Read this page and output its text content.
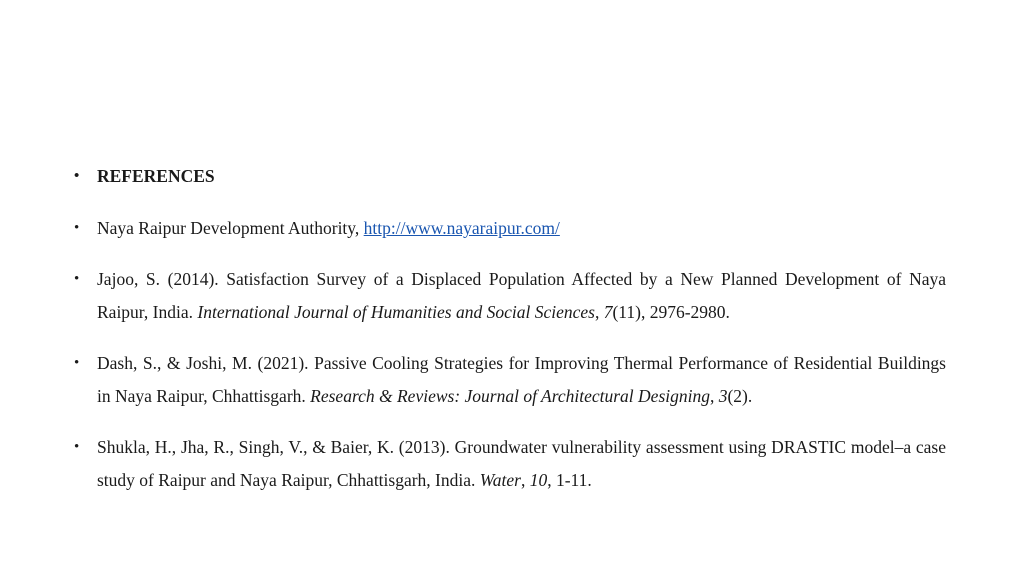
• REFERENCES
• Naya Raipur Development Authority, http://www.nayaraipur.com/
• Jajoo, S. (2014). Satisfaction Survey of a Displaced Population Affected by a New Planned Development of Naya Raipur, India. International Journal of Humanities and Social Sciences, 7(11), 2976-2980.
• Dash, S., & Joshi, M. (2021). Passive Cooling Strategies for Improving Thermal Performance of Residential Buildings in Naya Raipur, Chhattisgarh. Research & Reviews: Journal of Architectural Designing, 3(2).
• Shukla, H., Jha, R., Singh, V., & Baier, K. (2013). Groundwater vulnerability assessment using DRASTIC model–a case study of Raipur and Naya Raipur, Chhattisgarh, India. Water, 10, 1-11.
